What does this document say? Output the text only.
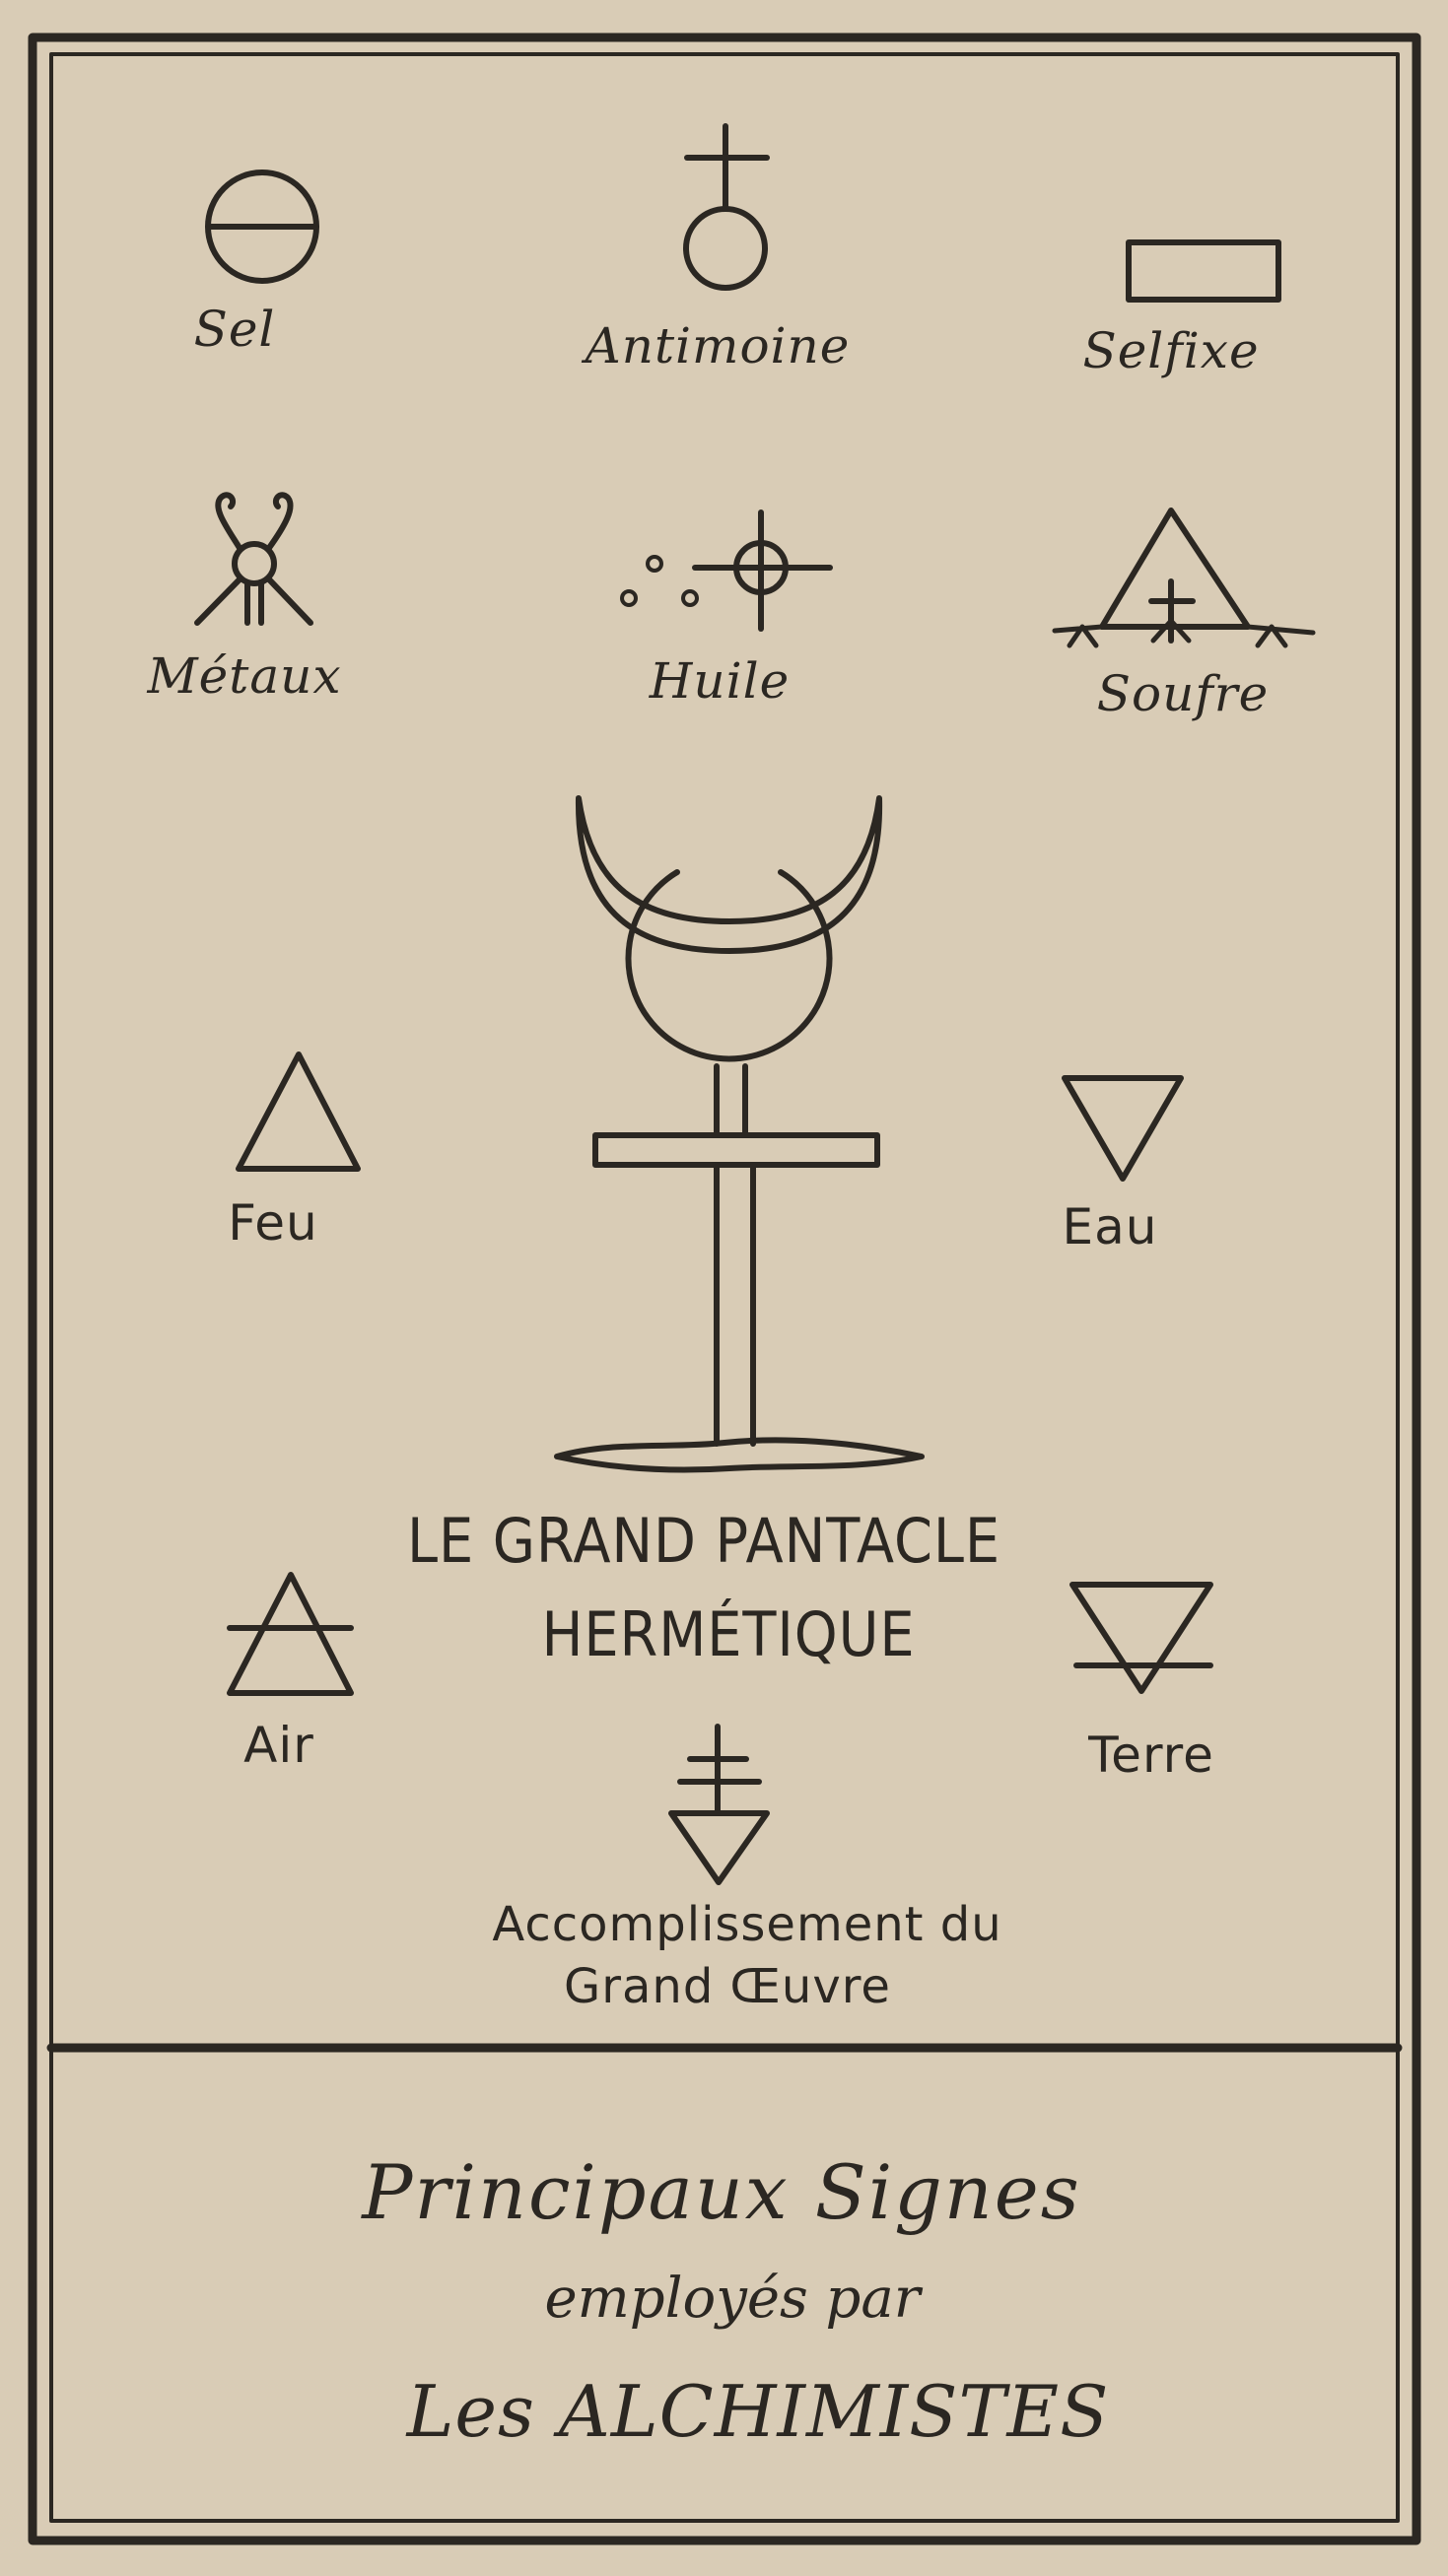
Sel	Antimoine	Selfixe
Métaux	Huile	Soufre
Feu	Eau
Air	Terre
LE GRAND PANTACLE
HERMÉTIQUE
Accomplissement du
Grand Œuvre
Principaux Signes
employés par
Les ALCHIMISTES
